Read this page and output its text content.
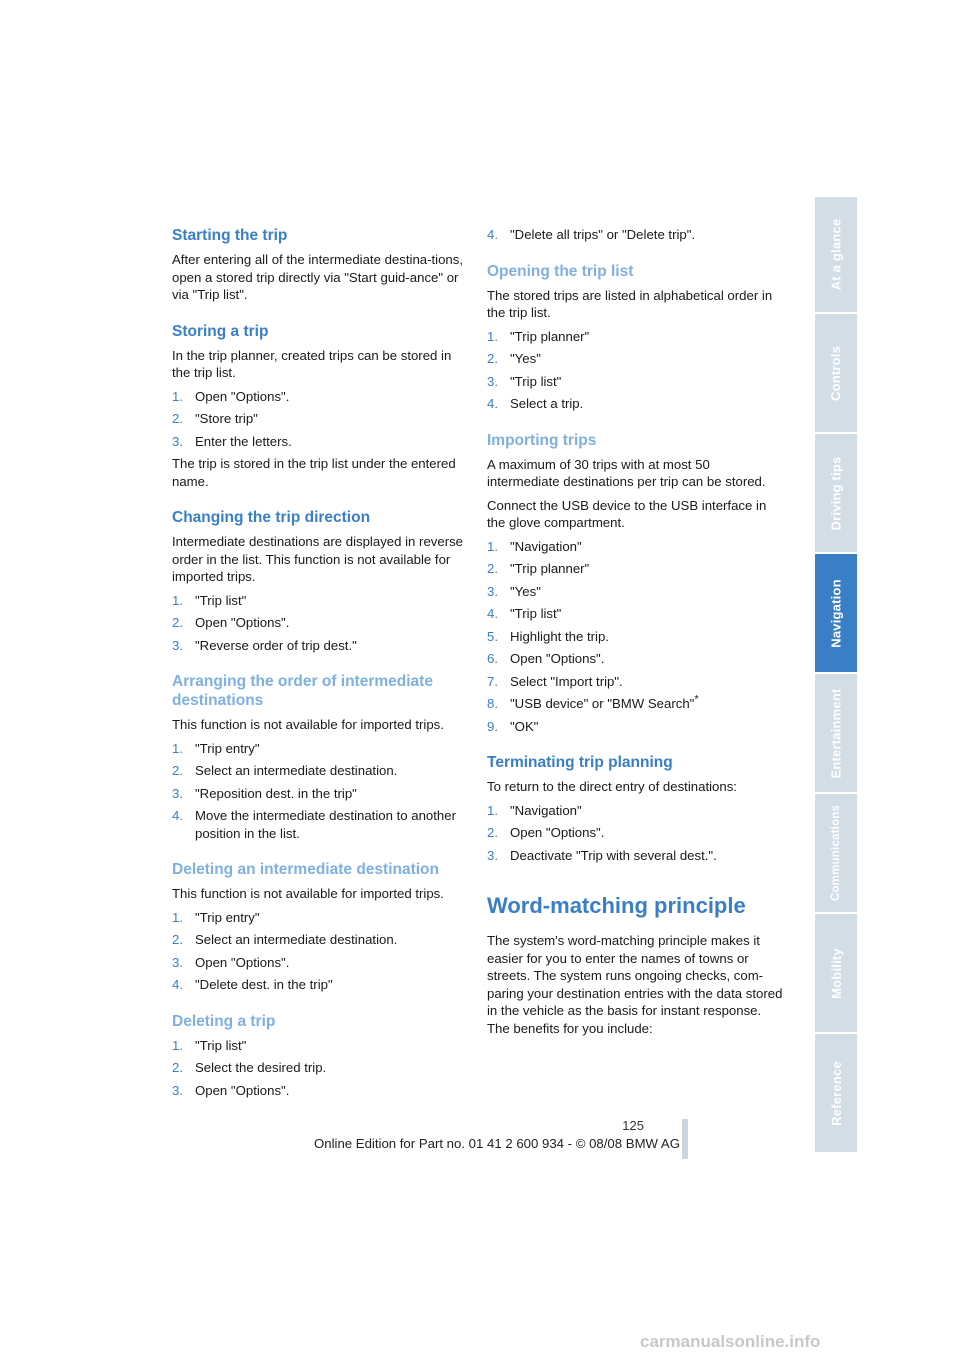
Starting the trip

After entering all of the intermediate destina-tions, open a stored trip directly via "Start guid-ance" or via "Trip list".

Storing a trip

In the trip planner, created trips can be stored in the trip list.

1. Open "Options".
2. "Store trip"
3. Enter the letters.

The trip is stored in the trip list under the entered name.

Changing the trip direction

Intermediate destinations are displayed in reverse order in the list. This function is not available for imported trips.

1. "Trip list"
2. Open "Options".
3. "Reverse order of trip dest."
Arranging the order of intermediate destinations

This function is not available for imported trips.

1. "Trip entry"
2. Select an intermediate destination.
3. "Reposition dest. in the trip"
4. Move the intermediate destination to another position in the list.
Deleting an intermediate destination

This function is not available for imported trips.

1. "Trip entry"
2. Select an intermediate destination.
3. Open "Options".
4. "Delete dest. in the trip"
Deleting a trip
1. "Trip list"
2. Select the desired trip.
3. Open "Options".
4. "Delete all trips" or "Delete trip".
Opening the trip list

The stored trips are listed in alphabetical order in the trip list.

1. "Trip planner"
2. "Yes"
3. "Trip list"
4. Select a trip.
Importing trips

A maximum of 30 trips with at most 50 intermediate destinations per trip can be stored.

Connect the USB device to the USB interface in the glove compartment.

1. "Navigation"
2. "Trip planner"
3. "Yes"
4. "Trip list"
5. Highlight the trip.
6. Open "Options".
7. Select "Import trip".
8. "USB device" or "BMW Search"*
9. "OK"
Terminating trip planning

To return to the direct entry of destinations:

1. "Navigation"
2. Open "Options".
3. Deactivate "Trip with several dest.".
Word-matching principle

The system's word-matching principle makes it easier for you to enter the names of towns or streets. The system runs ongoing checks, com-paring your destination entries with the data stored in the vehicle as the basis for instant response. The benefits for you include:

At a glance
Controls
Driving tips
Navigation
Entertainment
Communications
Mobility
Reference
125
Online Edition for Part no. 01 41 2 600 934 - © 08/08 BMW AG
carmanualsonline.info
